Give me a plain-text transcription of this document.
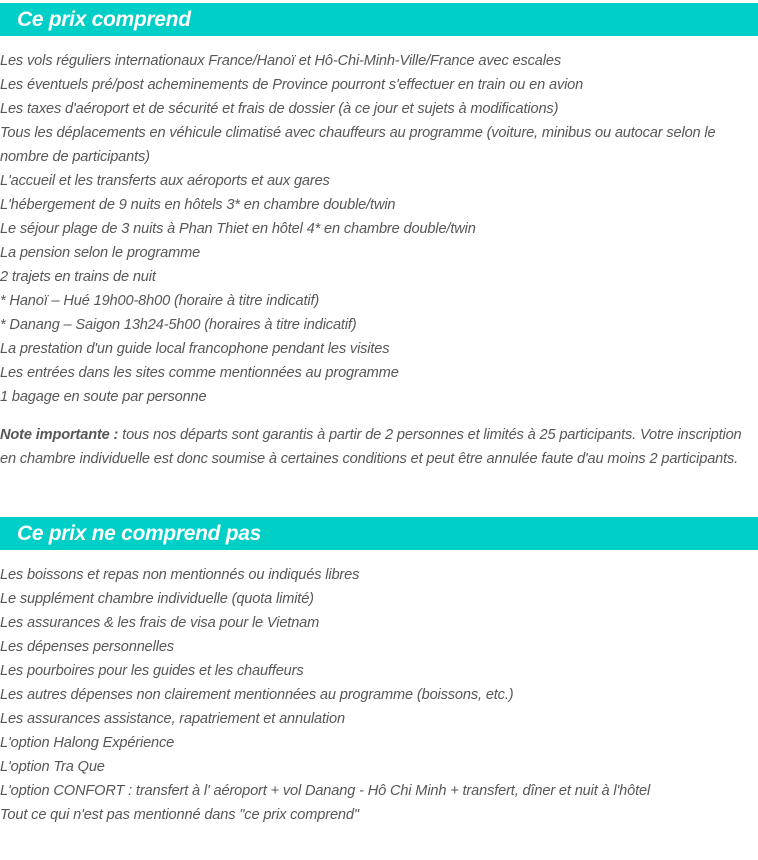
Ce prix comprend
Les vols réguliers internationaux France/Hanoï et Hô-Chi-Minh-Ville/France avec escales
Les éventuels pré/post acheminements de Province pourront s'effectuer en train ou en avion
Les taxes d'aéroport et de sécurité et frais de dossier (à ce jour et sujets à modifications)
Tous les déplacements en véhicule climatisé avec chauffeurs au programme (voiture, minibus ou autocar selon le nombre de participants)
L'accueil et les transferts aux aéroports et aux gares
L'hébergement de 9 nuits en hôtels 3* en chambre double/twin
Le séjour plage de 3 nuits à Phan Thiet en hôtel 4* en chambre double/twin
La pension selon le programme
2 trajets en trains de nuit
* Hanoï – Hué 19h00-8h00 (horaire à titre indicatif)
* Danang – Saigon 13h24-5h00 (horaires à titre indicatif)
La prestation d'un guide local francophone pendant les visites
Les entrées dans les sites comme mentionnées au programme
1 bagage en soute par personne

Note importante : tous nos départs sont garantis à partir de 2 personnes et limités à 25 participants. Votre inscription en chambre individuelle est donc soumise à certaines conditions et peut être annulée faute d'au moins 2 participants.

Ce prix ne comprend pas
Les boissons et repas non mentionnés ou indiqués libres
Le supplément chambre individuelle (quota limité)
Les assurances & les frais de visa pour le Vietnam
Les dépenses personnelles
Les pourboires pour les guides et les chauffeurs
Les autres dépenses non clairement mentionnées au programme (boissons, etc.)
Les assurances assistance, rapatriement et annulation
L'option Halong Expérience
L'option Tra Que
L'option CONFORT : transfert à l' aéroport + vol Danang - Hô Chi Minh + transfert, dîner et nuit à l'hôtel
Tout ce qui n'est pas mentionné dans "ce prix comprend"
